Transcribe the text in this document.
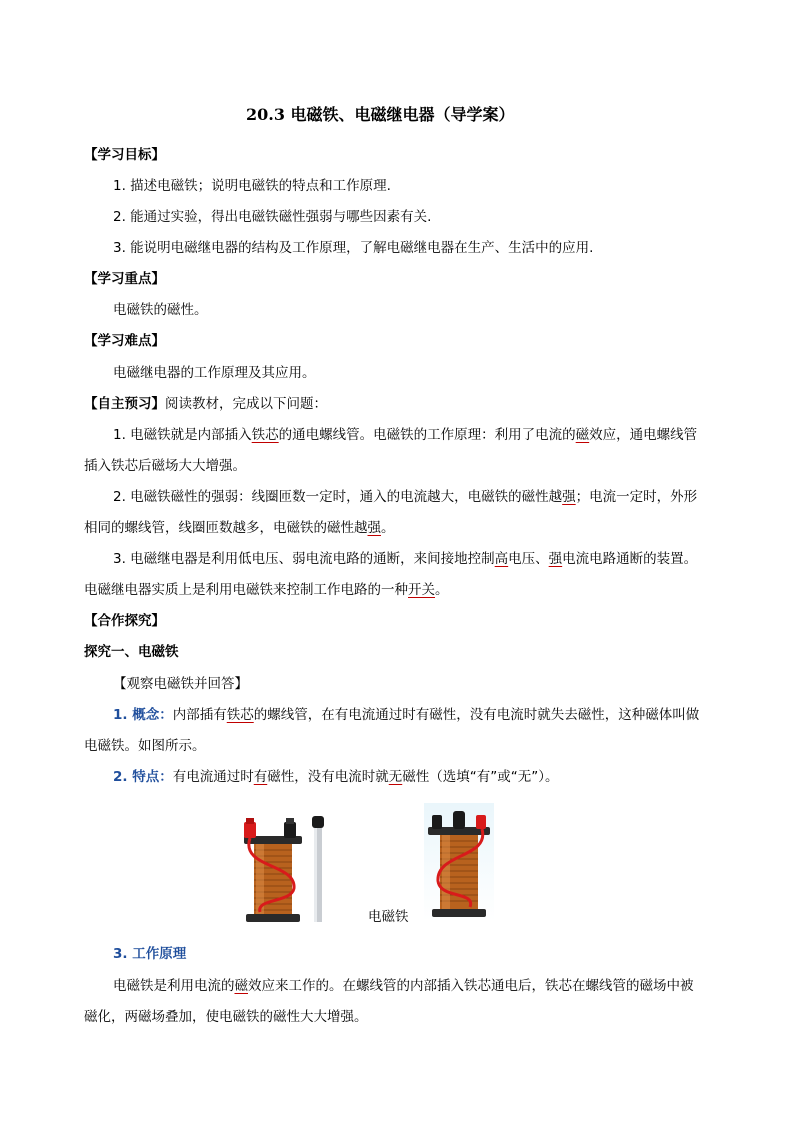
20.3 电磁铁、电磁继电器（导学案）
【学习目标】
1. 描述电磁铁；说明电磁铁的特点和工作原理.
2. 能通过实验，得出电磁铁磁性强弱与哪些因素有关.
3. 能说明电磁继电器的结构及工作原理，了解电磁继电器在生产、生活中的应用.
【学习重点】
电磁铁的磁性。
【学习难点】
电磁继电器的工作原理及其应用。
【自主预习】阅读教材，完成以下问题：
1. 电磁铁就是内部插入铁芯的通电螺线管。电磁铁的工作原理：利用了电流的磁效应，通电螺线管
插入铁芯后磁场大大增强。
2. 电磁铁磁性的强弱：线圈匝数一定时，通入的电流越大，电磁铁的磁性越强；电流一定时，外形
相同的螺线管，线圈匝数越多，电磁铁的磁性越强。
3. 电磁继电器是利用低电压、弱电流电路的通断，来间接地控制高电压、强电流电路通断的装置。
电磁继电器实质上是利用电磁铁来控制工作电路的一种开关。
【合作探究】
探究一、电磁铁
【观察电磁铁并回答】
1. 概念：内部插有铁芯的螺线管，在有电流通过时有磁性，没有电流时就失去磁性，这种磁体叫做
电磁铁。如图所示。
2. 特点：有电流通过时有磁性，没有电流时就无磁性（选填“有”或“无”）。
电磁铁
3. 工作原理
电磁铁是利用电流的磁效应来工作的。在螺线管的内部插入铁芯通电后，铁芯在螺线管的磁场中被
磁化，两磁场叠加，使电磁铁的磁性大大增强。
